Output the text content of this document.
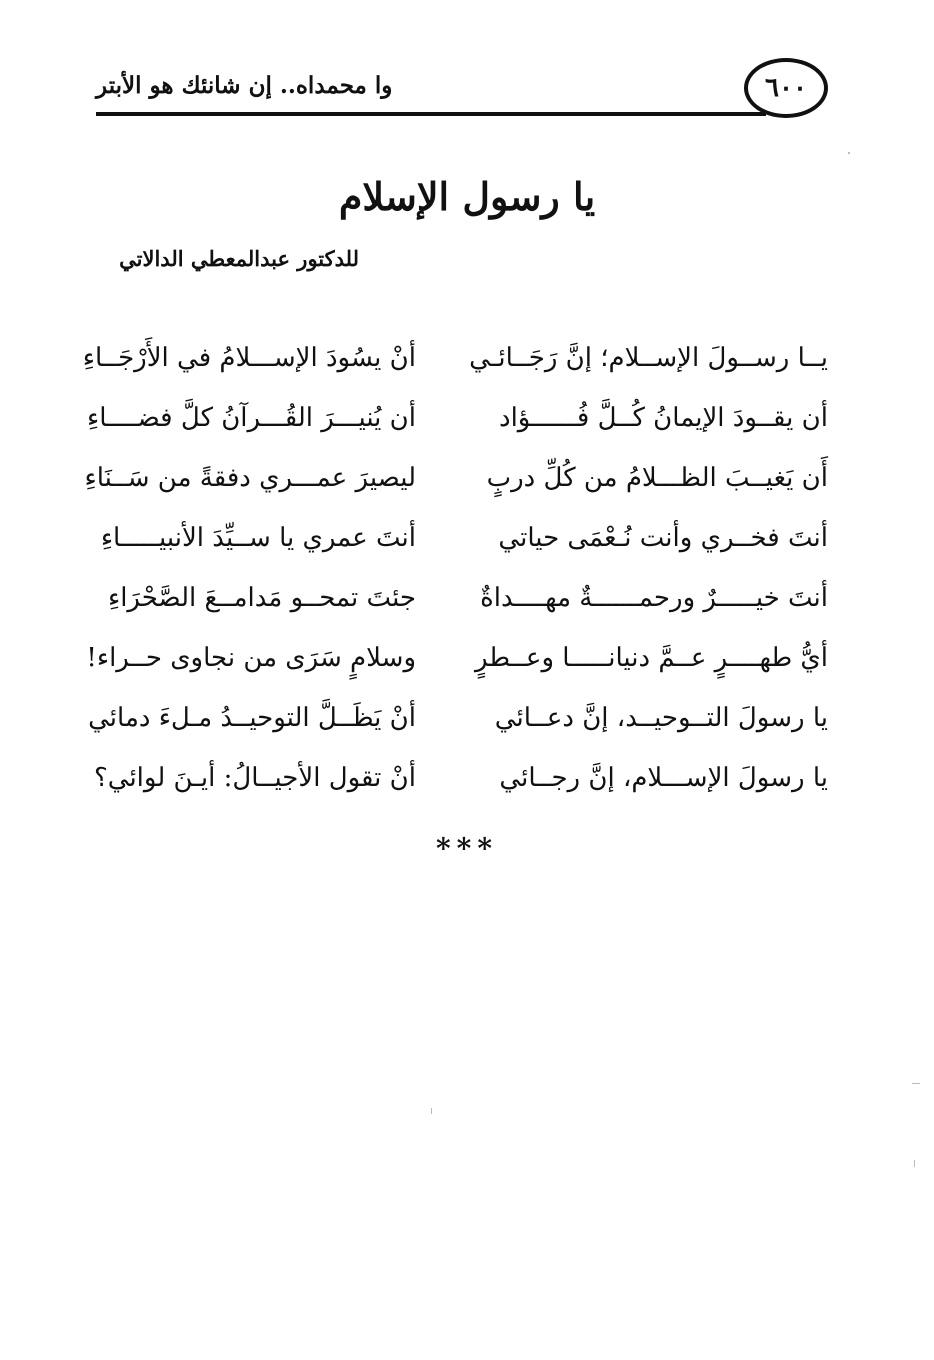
٦٠٠
وا محمداه.. إن شانئك هو الأبتر
يا رسول الإسلام
للدكتور عبدالمعطي الدالاتي
يــا رســولَ الإســلام؛ إنَّ رَجَــائـي
أن يقــودَ الإيمانُ كُــلَّ فُــــــؤاد
أَن يَغيــبَ الظـــلامُ من كُلِّ دربٍ
أنتَ فخــري وأنت نُـعْمَى حياتي
أنتَ خيـــــرٌ ورحمــــــةٌ مهــــداةٌ
أيُّ طهــــرٍ عــمَّ دنيانـــــا وعــطرٍ
يا رسولَ التــوحيــد، إنَّ دعــائي
يا رسولَ الإســـلام، إنَّ رجــائي
أنْ يسُودَ الإســـلامُ في الأَرْجَــاءِ
أن يُنيـــرَ القُـــرآنُ كلَّ فضــــاءِ
ليصيرَ عمـــري دفقةً من سَــنَاءِ
أنتَ عمري يا ســيِّدَ الأنبيـــــاءِ
جئتَ تمحــو مَدامــعَ الصَّحْرَاءِ
وسلامٍ سَرَى من نجاوى حــراء!
أنْ يَظَــلَّ التوحيــدُ مـلءَ دمائي
أنْ تقول الأجيــالُ: أيـنَ لوائي؟
***
